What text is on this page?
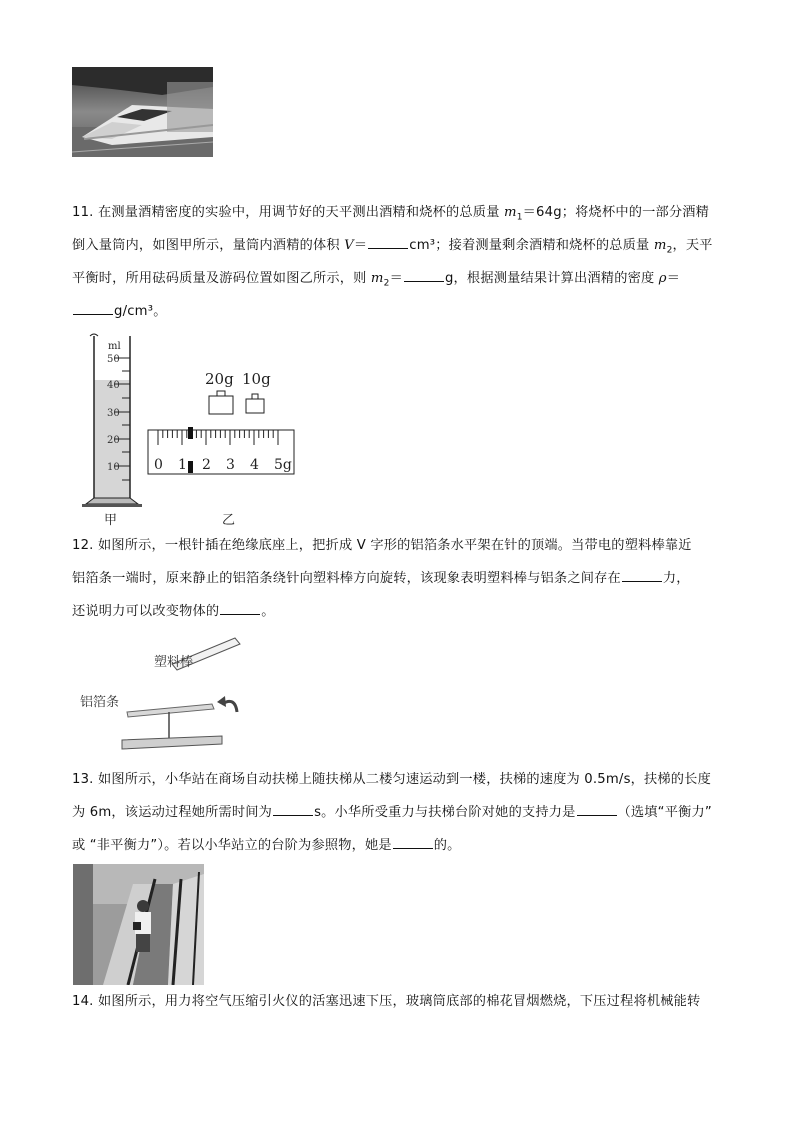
11. 在测量酒精密度的实验中，用调节好的天平测出酒精和烧杯的总质量 $m_1=64g$；将烧杯中的一部分酒精
倒入量筒内，如图甲所示，量筒内酒精的体积 V＝	cm³；接着测量剩余酒精和烧杯的总质量 $m_2$，天平
平衡时，所用砝码质量及游码位置如图乙所示，则 $m_2=$	g，根据测量结果计算出酒精的密度 ρ＝
g/cm³。
ml
50
40
30
20
10
甲
20g 10g
0 1 2 3 4 5g
乙
12. 如图所示，一根针插在绝缘底座上，把折成 V 字形的铝箔条水平架在针的顶端。当带电的塑料棒靠近
铝箔条一端时，原来静止的铝箔条绕针向塑料棒方向旋转，该现象表明塑料棒与铝条之间存在	力，
还说明力可以改变物体的	。
塑料棒
铝箔条
13. 如图所示，小华站在商场自动扶梯上随扶梯从二楼匀速运动到一楼，扶梯的速度为 0.5m/s，扶梯的长度
为 6m，该运动过程她所需时间为	s。小华所受重力与扶梯台阶对她的支持力是	（选填“平衡力”
或 “非平衡力”）。若以小华站立的台阶为参照物，她是	的。
14. 如图所示，用力将空气压缩引火仪的活塞迅速下压，玻璃筒底部的棉花冒烟燃烧，下压过程将机械能转
